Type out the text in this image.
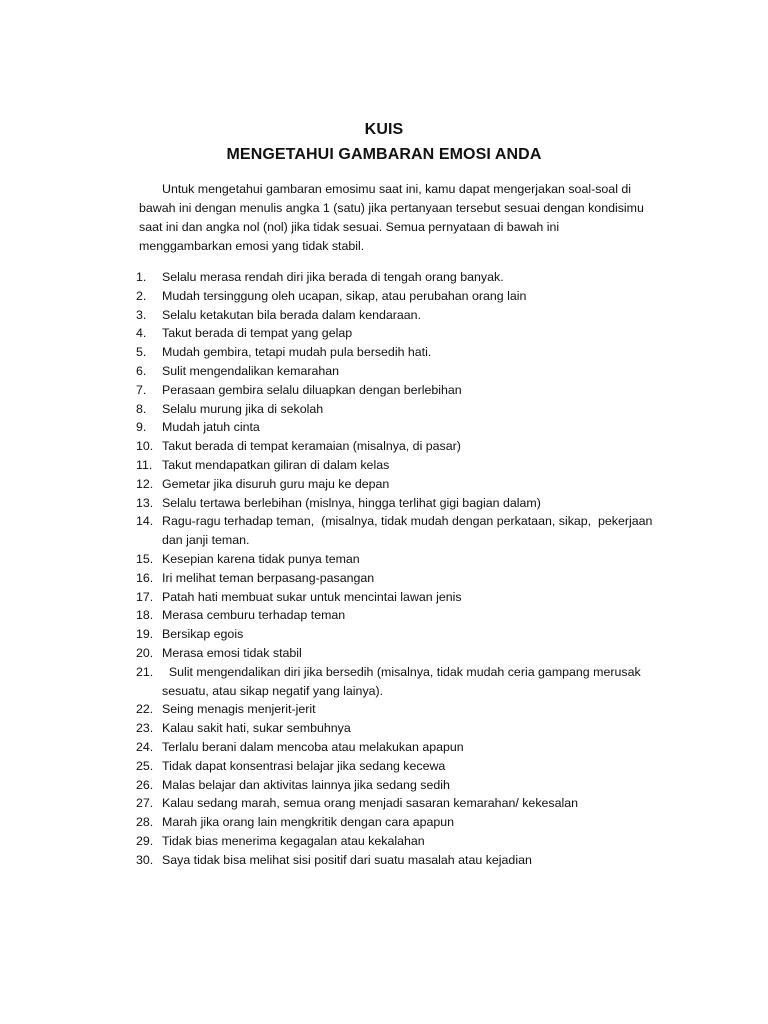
KUIS
MENGETAHUI GAMBARAN EMOSI ANDA
Untuk mengetahui gambaran emosimu saat ini, kamu dapat mengerjakan soal-soal di
bawah ini dengan menulis angka 1 (satu) jika pertanyaan tersebut sesuai dengan kondisimu
saat ini dan angka nol (nol) jika tidak sesuai. Semua pernyataan di bawah ini
menggambarkan emosi yang tidak stabil.
1.	Selalu merasa rendah diri jika berada di tengah orang banyak.
2.	Mudah tersinggung oleh ucapan, sikap, atau perubahan orang lain
3.	Selalu ketakutan bila berada dalam kendaraan.
4.	Takut berada di tempat yang gelap
5.	Mudah gembira, tetapi mudah pula bersedih hati.
6.	Sulit mengendalikan kemarahan
7.	Perasaan gembira selalu diluapkan dengan berlebihan
8.	Selalu murung jika di sekolah
9.	Mudah jatuh cinta
10. Takut berada di tempat keramaian (misalnya, di pasar)
11. Takut mendapatkan giliran di dalam kelas
12. Gemetar jika disuruh guru maju ke depan
13. Selalu tertawa berlebihan (mislnya, hingga terlihat gigi bagian dalam)
14. Ragu-ragu terhadap teman,  (misalnya, tidak mudah dengan perkataan, sikap,  pekerjaan
dan janji teman.
15. Kesepian karena tidak punya teman
16. Iri melihat teman berpasang-pasangan
17. Patah hati membuat sukar untuk mencintai lawan jenis
18. Merasa cemburu terhadap teman
19. Bersikap egois
20. Merasa emosi tidak stabil
21. Sulit mengendalikan diri jika bersedih (misalnya, tidak mudah ceria gampang merusak
sesuatu, atau sikap negatif yang lainya).
22. Seing menagis menjerit-jerit
23. Kalau sakit hati, sukar sembuhnya
24. Terlalu berani dalam mencoba atau melakukan apapun
25. Tidak dapat konsentrasi belajar jika sedang kecewa
26. Malas belajar dan aktivitas lainnya jika sedang sedih
27. Kalau sedang marah, semua orang menjadi sasaran kemarahan/ kekesalan
28. Marah jika orang lain mengkritik dengan cara apapun
29. Tidak bias menerima kegagalan atau kekalahan
30. Saya tidak bisa melihat sisi positif dari suatu masalah atau kejadian
